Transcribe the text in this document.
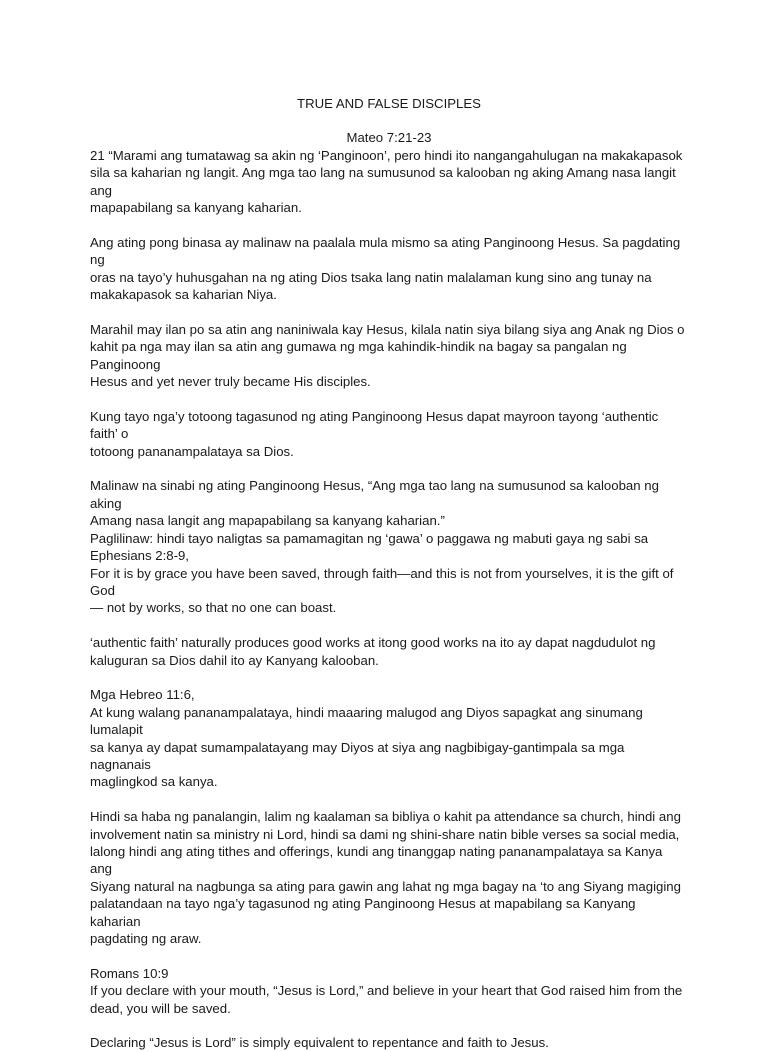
TRUE AND FALSE DISCIPLES

Mateo 7:21-23

21 “Marami ang tumatawag sa akin ng ‘Panginoon’, pero hindi ito nangangahulugan na makakapasok
sila sa kaharian ng langit. Ang mga tao lang na sumusunod sa kalooban ng aking Amang nasa langit ang
mapapabilang sa kanyang kaharian.

Ang ating pong binasa ay malinaw na paalala mula mismo sa ating Panginoong Hesus. Sa pagdating ng
oras na tayo’y huhusgahan na ng ating Dios tsaka lang natin malalaman kung sino ang tunay na
makakapasok sa kaharian Niya.

Marahil may ilan po sa atin ang naniniwala kay Hesus, kilala natin siya bilang siya ang Anak ng Dios o
kahit pa nga may ilan sa atin ang gumawa ng mga kahindik-hindik na bagay sa pangalan ng Panginoong
Hesus and yet never truly became His disciples.

Kung tayo nga’y totoong tagasunod ng ating Panginoong Hesus dapat mayroon tayong ‘authentic faith’ o
totoong pananampalataya sa Dios.

Malinaw na sinabi ng ating Panginoong Hesus, “Ang mga tao lang na sumusunod sa kalooban ng aking
Amang nasa langit ang mapapabilang sa kanyang kaharian.”
Paglilinaw: hindi tayo naligtas sa pamamagitan ng ‘gawa’ o paggawa ng mabuti gaya ng sabi sa
Ephesians 2:8-9,
For it is by grace you have been saved, through faith—and this is not from yourselves, it is the gift of God
— not by works, so that no one can boast.

‘authentic faith’ naturally produces good works at itong good works na ito ay dapat nagdudulot ng
kaluguran sa Dios dahil ito ay Kanyang kalooban.

Mga Hebreo 11:6,
At kung walang pananampalataya, hindi maaaring malugod ang Diyos sapagkat ang sinumang lumalapit
sa kanya ay dapat sumampalatayang may Diyos at siya ang nagbibigay-gantimpala sa mga nagnanais
maglingkod sa kanya.

Hindi sa haba ng panalangin, lalim ng kaalaman sa bibliya o kahit pa attendance sa church, hindi ang
involvement natin sa ministry ni Lord, hindi sa dami ng shini-share natin bible verses sa social media,
lalong hindi ang ating tithes and offerings, kundi ang tinanggap nating pananampalataya sa Kanya ang
Siyang natural na nagbunga sa ating para gawin ang lahat ng mga bagay na ‘to ang Siyang magiging
palatandaan na tayo nga’y tagasunod ng ating Panginoong Hesus at mapabilang sa Kanyang kaharian
pagdating ng araw.

Romans 10:9
If you declare with your mouth, “Jesus is Lord,” and believe in your heart that God raised him from the
dead, you will be saved.

Declaring “Jesus is Lord” is simply equivalent to repentance and faith to Jesus.
